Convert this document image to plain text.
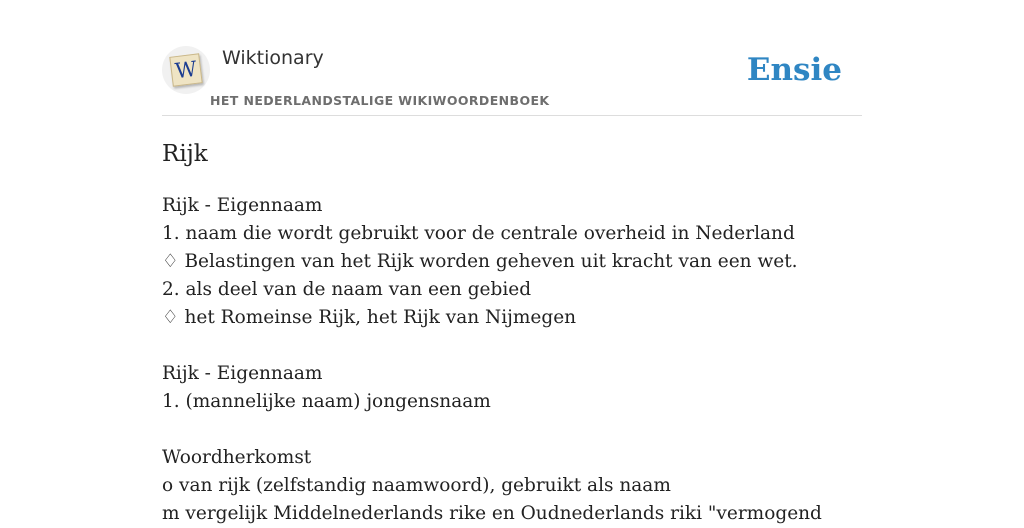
W Wiktionary
HET NEDERLANDSTALIGE WIKIWOORDENBOEK
Ensie
Rijk
Rijk - Eigennaam
1. naam die wordt gebruikt voor de centrale overheid in Nederland
♢ Belastingen van het Rijk worden geheven uit kracht van een wet.
2. als deel van de naam van een gebied
♢ het Romeinse Rijk, het Rijk van Nijmegen
Rijk - Eigennaam
1. (mannelijke naam) jongensnaam
Woordherkomst
o van rijk (zelfstandig naamwoord), gebruikt als naam
m vergelijk Middelnederlands rike en Oudnederlands riki "vermogend
